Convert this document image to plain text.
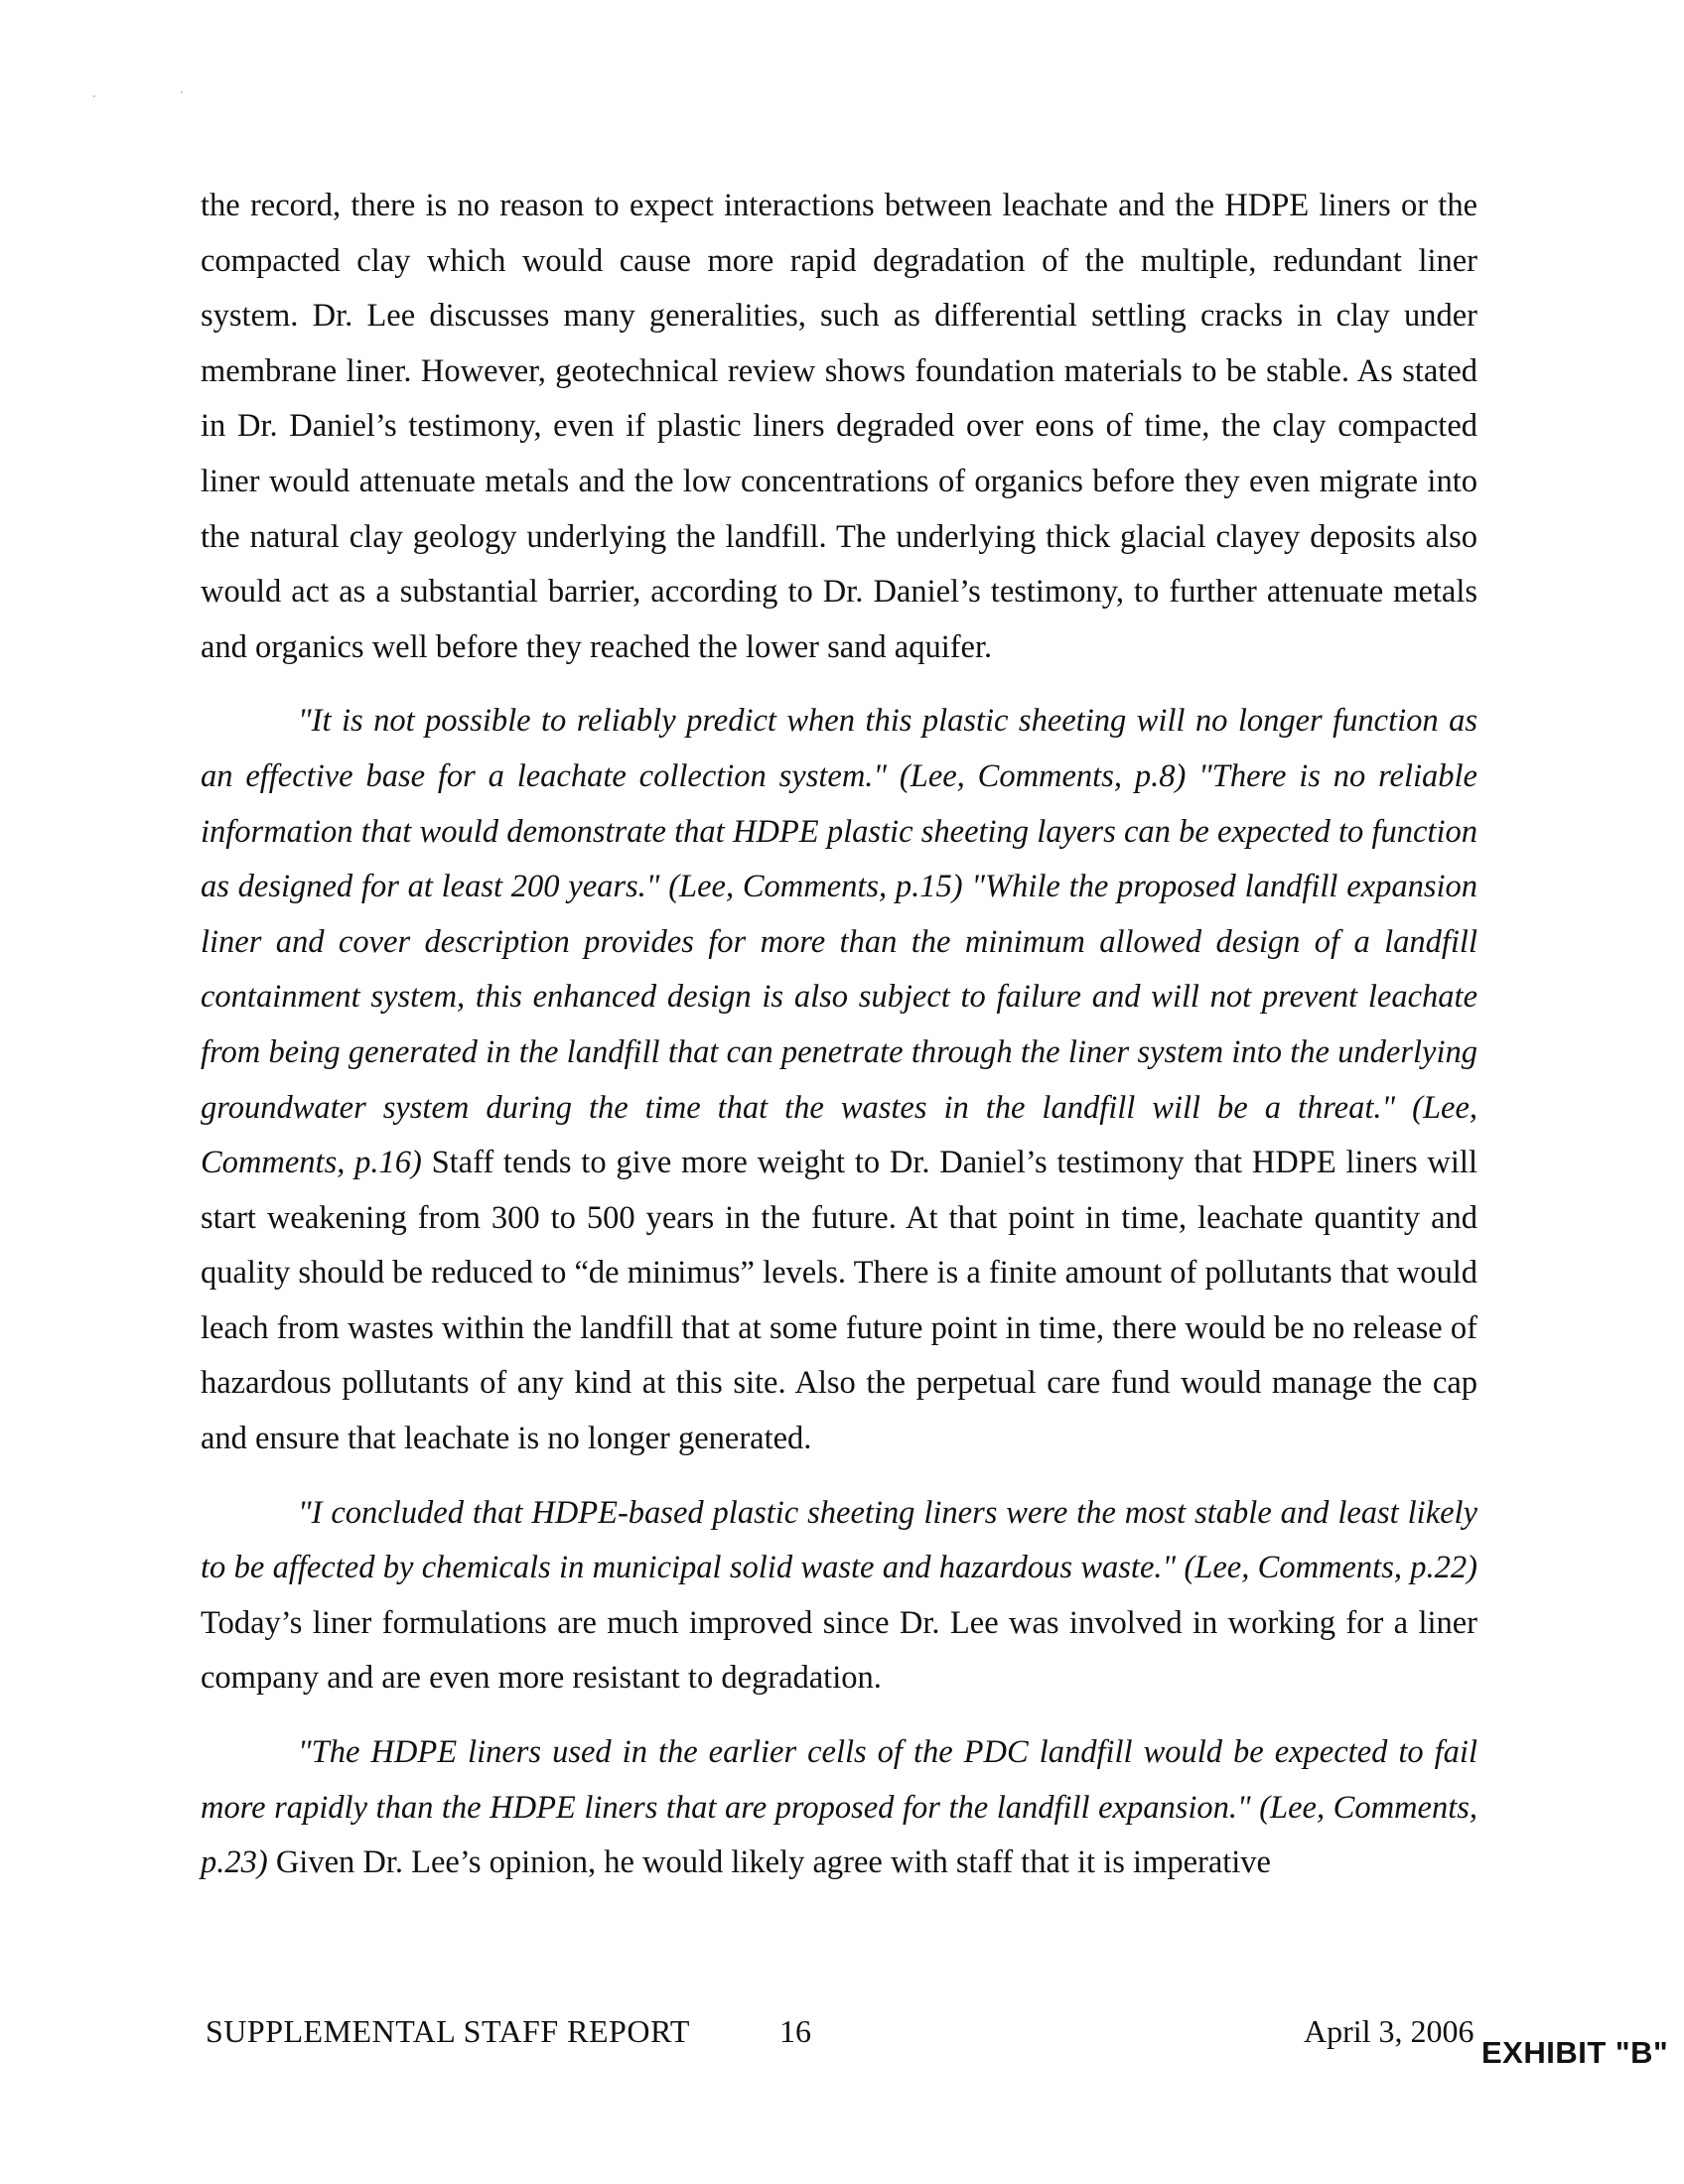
the record, there is no reason to expect interactions between leachate and the HDPE liners or the compacted clay which would cause more rapid degradation of the multiple, redundant liner system. Dr. Lee discusses many generalities, such as differential settling cracks in clay under membrane liner. However, geotechnical review shows foundation materials to be stable. As stated in Dr. Daniel’s testimony, even if plastic liners degraded over eons of time, the clay compacted liner would attenuate metals and the low concentrations of organics before they even migrate into the natural clay geology underlying the landfill. The underlying thick glacial clayey deposits also would act as a substantial barrier, according to Dr. Daniel’s testimony, to further attenuate metals and organics well before they reached the lower sand aquifer.

"It is not possible to reliably predict when this plastic sheeting will no longer function as an effective base for a leachate collection system." (Lee, Comments, p.8) "There is no reliable information that would demonstrate that HDPE plastic sheeting layers can be expected to function as designed for at least 200 years." (Lee, Comments, p.15) "While the proposed landfill expansion liner and cover description provides for more than the minimum allowed design of a landfill containment system, this enhanced design is also subject to failure and will not prevent leachate from being generated in the landfill that can penetrate through the liner system into the underlying groundwater system during the time that the wastes in the landfill will be a threat." (Lee, Comments, p.16) Staff tends to give more weight to Dr. Daniel’s testimony that HDPE liners will start weakening from 300 to 500 years in the future. At that point in time, leachate quantity and quality should be reduced to “de minimus” levels. There is a finite amount of pollutants that would leach from wastes within the landfill that at some future point in time, there would be no release of hazardous pollutants of any kind at this site. Also the perpetual care fund would manage the cap and ensure that leachate is no longer generated.

"I concluded that HDPE-based plastic sheeting liners were the most stable and least likely to be affected by chemicals in municipal solid waste and hazardous waste." (Lee, Comments, p.22) Today’s liner formulations are much improved since Dr. Lee was involved in working for a liner company and are even more resistant to degradation.

"The HDPE liners used in the earlier cells of the PDC landfill would be expected to fail more rapidly than the HDPE liners that are proposed for the landfill expansion." (Lee, Comments, p.23) Given Dr. Lee’s opinion, he would likely agree with staff that it is imperative

SUPPLEMENTAL STAFF REPORT	16	April 3, 2006
EXHIBIT "B"
